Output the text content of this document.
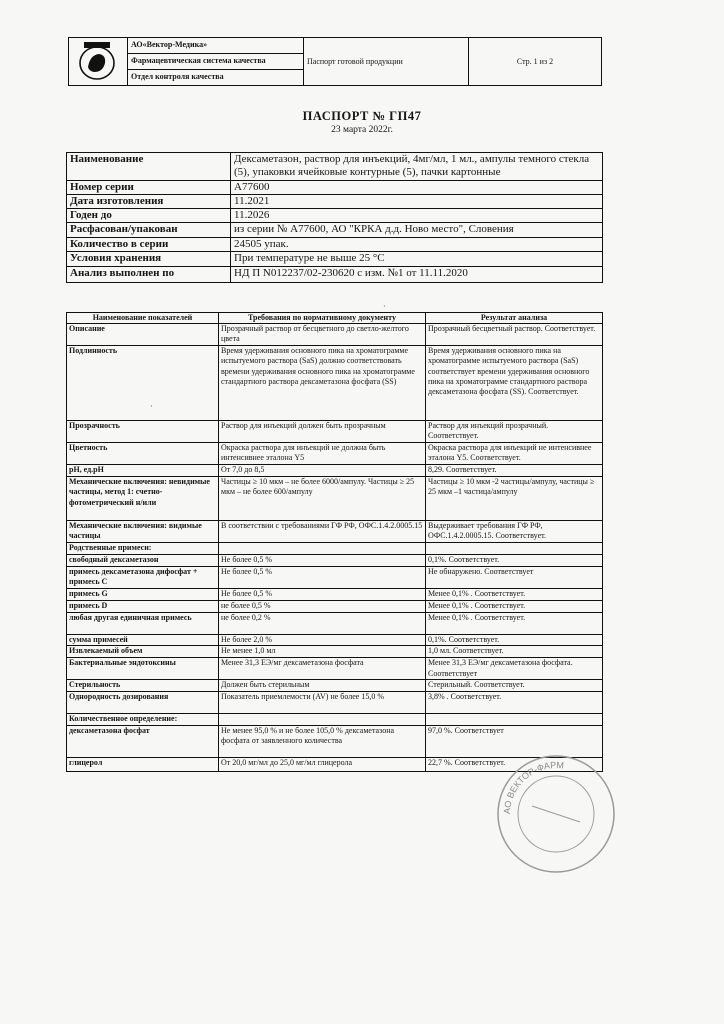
	АО«Вектор-Медика»	Паспорт готовой продукции	Стр. 1 из 2
Фармацевтическая система качества
Отдел контроля качества
ПАСПОРТ № ГП47
23 марта 2022г.
Наименование	Дексаметазон, раствор для инъекций, 4мг/мл, 1 мл., ампулы темного стекла (5), упаковки ячейковые контурные (5), пачки картонные
Номер серии	A77600
Дата изготовления	11.2021
Годен до	11.2026
Расфасован/упакован	из серии № A77600, АО "КРКА д.д. Ново место", Словения
Количество в серии	24505 упак.
Условия хранения	При температуре не выше 25 °С
Анализ выполнен по	НД П N012237/02-230620 с изм. №1 от 11.11.2020
Наименование показателей	Требования по нормативному документу	Результат анализа
Описание	Прозрачный раствор от бесцветного до светло-желтого цвета	Прозрачный бесцветный раствор. Соответствует.
Подлинность	Время удерживания основного пика на хроматограмме испытуемого раствора (SaS) должно соответствовать времени удерживания основного пика на хроматограмме стандартного раствора дексаметазона фосфата (SS)	Время удерживания основного пика на хроматограмме испытуемого раствора (SaS) соответствует времени удерживания основного пика на хроматограмме стандартного раствора дексаметазона фосфата (SS). Соответствует.
Прозрачность	Раствор для инъекций должен быть прозрачным	Раствор для инъекций прозрачный. Соответствует.
Цветность	Окраска раствора для инъекций не должна быть интенсивнее эталона Y5	Окраска раствора для инъекций не интенсивнее эталона Y5. Соответствует.
pH, ед.рН	От 7,0 до 8,5	8,29. Соответствует.
Механические включения: невидимые частицы, метод 1: счетно-фотометрический н/или	Частицы ≥ 10 мкм – не более 6000/ампулу. Частицы ≥ 25 мкм – не более 600/ампулу	Частицы ≥ 10 мкм -2 частицы/ампулу, частицы ≥ 25 мкм –1 частица/ампулу
Механические включения: видимые частицы	В соответствии с требованиями ГФ РФ, ОФС.1.4.2.0005.15	Выдерживает требования ГФ РФ, ОФС.1.4.2.0005.15. Соответствует.
Родственные примеси:		
свободный дексаметазон	Не более 0,5 %	0,1%. Соответствует.
примесь дексаметазона дифосфат + примесь С	Не более 0,5 %	Не обнаружено. Соответствует
примесь G	Не более 0,5 %	Менее 0,1% . Соответствует.
примесь D	не более 0,5 %	Менее 0,1% . Соответствует.
любая другая единичная примесь	не более 0,2 %	Менее 0,1% . Соответствует.
сумма примесей	Не более 2,0 %	0,1%. Соответствует.
Извлекаемый объем	Не менее 1,0 мл	1,0 мл. Соответствует.
Бактериальные эндотоксины	Менее 31,3 ЕЭ/мг дексаметазона фосфата	Менее 31,3 ЕЭ/мг дексаметазона фосфата. Соответствует
Стерильность	Должен быть стерильным	Стерильный. Соответствует.
Однородность дозирования	Показатель приемлемости (AV) не более 15,0 %	3,8% . Соответствует.
Количественное определение:		
дексаметазона фосфат	Не менее 95,0 % и не более 105,0 % дексаметазона фосфата от заявленного количества	97,0 %. Соответствует
глицерол	От 20,0 мг/мл до 25,0 мг/мл глицерола	22,7 %. Соответствует.
АО ВЕКТОР-ФАРМ
·
·
